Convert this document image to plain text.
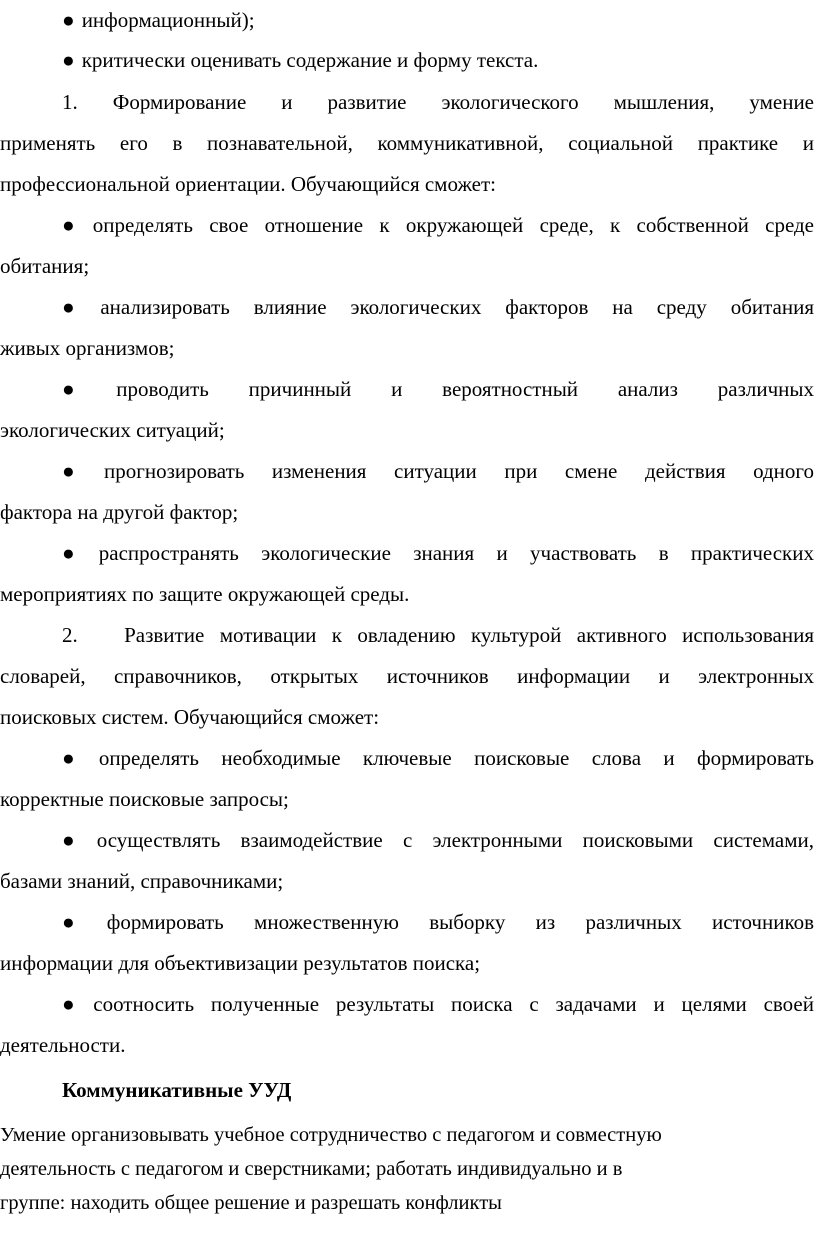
● информационный);
● критически оценивать содержание и форму текста.
1. Формирование и развитие экологического мышления, умение
применять его в познавательной, коммуникативной, социальной практике и
профессиональной ориентации. Обучающийся сможет:
● определять свое отношение к окружающей среде, к собственной среде
обитания;
● анализировать влияние экологических факторов на среду обитания
живых организмов;
● проводить причинный и вероятностный анализ различных
экологических ситуаций;
● прогнозировать изменения ситуации при смене действия одного
фактора на другой фактор;
● распространять экологические знания и участвовать в практических
мероприятиях по защите окружающей среды.
2. Развитие мотивации к овладению культурой активного использования
словарей, справочников, открытых источников информации и электронных
поисковых систем. Обучающийся сможет:
● определять необходимые ключевые поисковые слова и формировать
корректные поисковые запросы;
● осуществлять взаимодействие с электронными поисковыми системами,
базами знаний, справочниками;
● формировать множественную выборку из различных источников
информации для объективизации результатов поиска;
● соотносить полученные результаты поиска с задачами и целями своей
деятельности.
Коммуникативные УУД
Умение организовывать учебное сотрудничество с педагогом и совместную
деятельность с педагогом и сверстниками; работать индивидуально и в
группе: находить общее решение и разрешать конфликты
